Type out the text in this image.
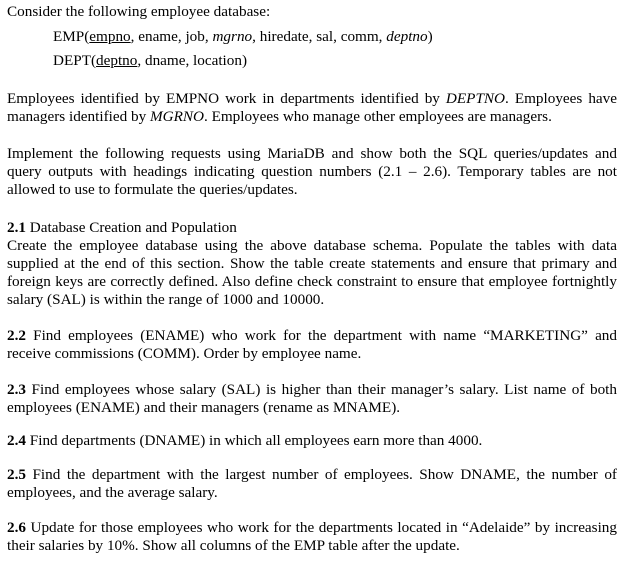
Consider the following employee database:

EMP(empno, ename, job, mgrno, hiredate, sal, comm, deptno)

DEPT(deptno, dname, location)

Employees identified by EMPNO work in departments identified by DEPTNO. Employees have managers identified by MGRNO. Employees who manage other employees are managers.

Implement the following requests using MariaDB and show both the SQL queries/updates and query outputs with headings indicating question numbers (2.1 – 2.6). Temporary tables are not allowed to use to formulate the queries/updates.

2.1 Database Creation and Population

Create the employee database using the above database schema. Populate the tables with data supplied at the end of this section. Show the table create statements and ensure that primary and foreign keys are correctly defined. Also define check constraint to ensure that employee fortnightly salary (SAL) is within the range of 1000 and 10000.

2.2 Find employees (ENAME) who work for the department with name “MARKETING” and receive commissions (COMM). Order by employee name.

2.3 Find employees whose salary (SAL) is higher than their manager’s salary. List name of both employees (ENAME) and their managers (rename as MNAME).

2.4 Find departments (DNAME) in which all employees earn more than 4000.

2.5 Find the department with the largest number of employees. Show DNAME, the number of employees, and the average salary.

2.6 Update for those employees who work for the departments located in “Adelaide” by increasing their salaries by 10%. Show all columns of the EMP table after the update.
